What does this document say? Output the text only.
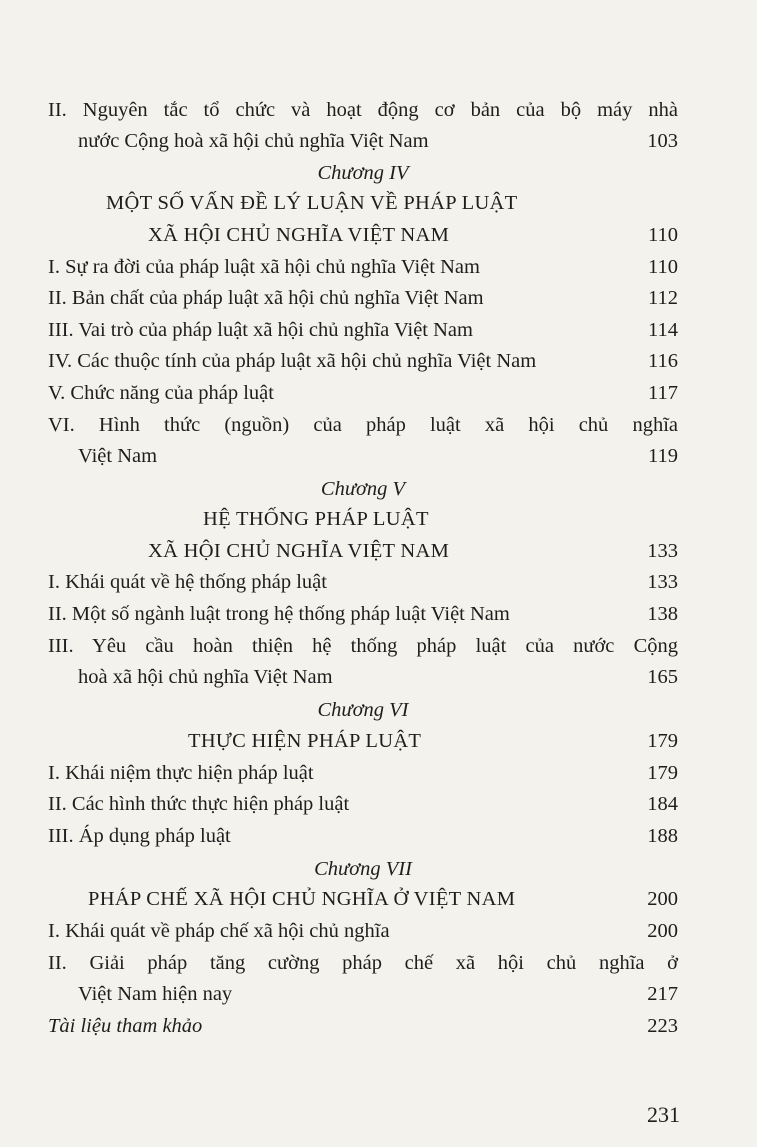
II. Nguyên tắc tổ chức và hoạt động cơ bản của bộ máy nhà
nước Cộng hoà xã hội chủ nghĩa Việt Nam	103
Chương IV
MỘT SỐ VẤN ĐỀ LÝ LUẬN VỀ PHÁP LUẬT
XÃ HỘI CHỦ NGHĨA VIỆT NAM	110
I. Sự ra đời của pháp luật xã hội chủ nghĩa Việt Nam	110
II. Bản chất của pháp luật xã hội chủ nghĩa Việt Nam	112
III. Vai trò của pháp luật xã hội chủ nghĩa Việt Nam	114
IV. Các thuộc tính của pháp luật xã hội chủ nghĩa Việt Nam	116
V. Chức năng của pháp luật	117
VI. Hình thức (nguồn) của pháp luật xã hội chủ nghĩa
Việt Nam	119
Chương V
HỆ THỐNG PHÁP LUẬT
XÃ HỘI CHỦ NGHĨA VIỆT NAM	133
I. Khái quát về hệ thống pháp luật	133
II. Một số ngành luật trong hệ thống pháp luật Việt Nam	138
III. Yêu cầu hoàn thiện hệ thống pháp luật của nước Cộng
hoà xã hội chủ nghĩa Việt Nam	165
Chương VI
THỰC HIỆN PHÁP LUẬT	179
I. Khái niệm thực hiện pháp luật	179
II. Các hình thức thực hiện pháp luật	184
III. Áp dụng pháp luật	188
Chương VII
PHÁP CHẾ XÃ HỘI CHỦ NGHĨA Ở VIỆT NAM	200
I. Khái quát về pháp chế xã hội chủ nghĩa	200
II. Giải pháp tăng cường pháp chế xã hội chủ nghĩa ở
Việt Nam hiện nay	217
Tài liệu tham khảo	223
231
